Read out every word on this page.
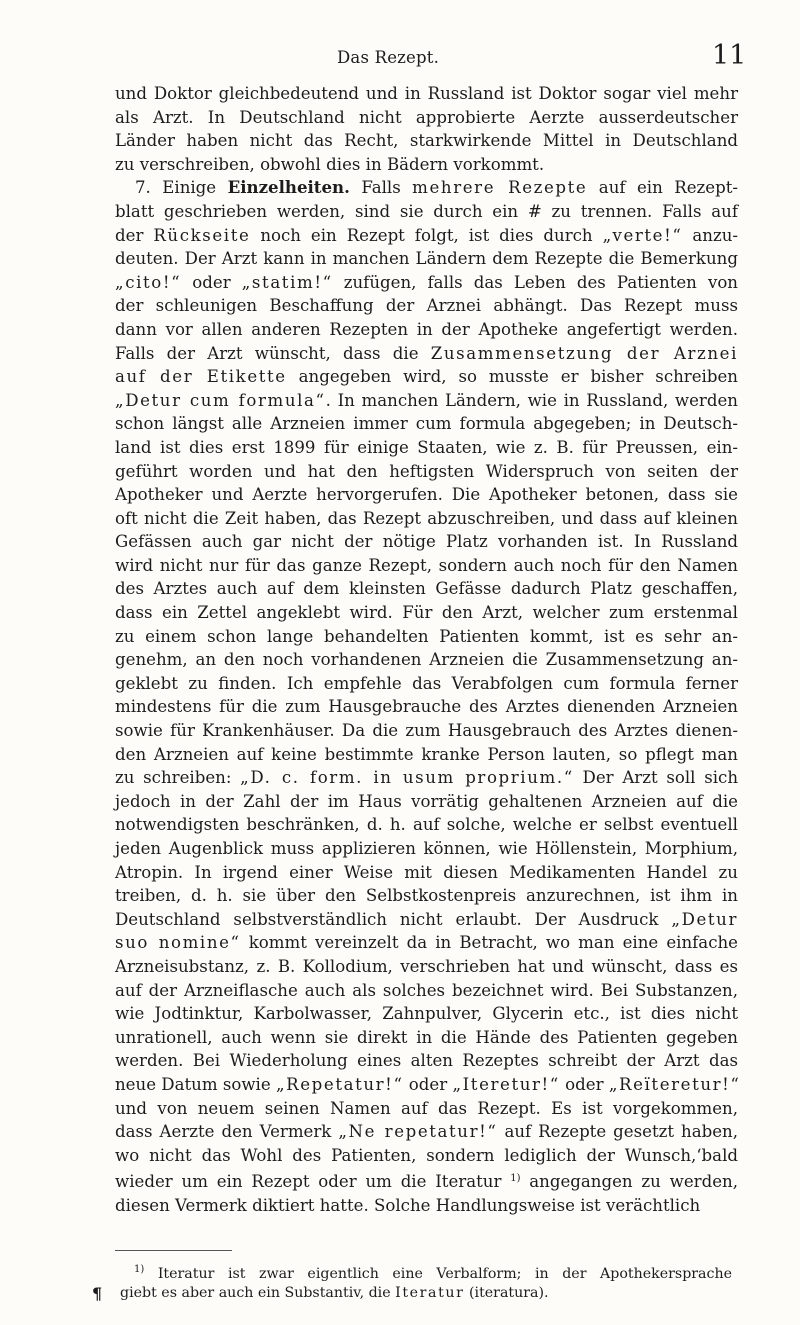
Das Rezept.	11
und Doktor gleichbedeutend und in Russland ist Doktor sogar viel mehr
als Arzt. In Deutschland nicht approbierte Aerzte ausserdeutscher
Länder haben nicht das Recht, starkwirkende Mittel in Deutschland
zu verschreiben, obwohl dies in Bädern vorkommt.
7. Einige Einzelheiten. Falls mehrere Rezepte auf ein Rezept-
blatt geschrieben werden, sind sie durch ein # zu trennen. Falls auf
der Rückseite noch ein Rezept folgt, ist dies durch „verte!“ anzu-
deuten. Der Arzt kann in manchen Ländern dem Rezepte die Bemerkung
„cito!“ oder „statim!“ zufügen, falls das Leben des Patienten von
der schleunigen Beschaffung der Arznei abhängt. Das Rezept muss
dann vor allen anderen Rezepten in der Apotheke angefertigt werden.
Falls der Arzt wünscht, dass die Zusammensetzung der Arznei
auf der Etikette angegeben wird, so musste er bisher schreiben
„Detur cum formula“. In manchen Ländern, wie in Russland, werden
schon längst alle Arzneien immer cum formula abgegeben; in Deutsch-
land ist dies erst 1899 für einige Staaten, wie z. B. für Preussen, ein-
geführt worden und hat den heftigsten Widerspruch von seiten der
Apotheker und Aerzte hervorgerufen. Die Apotheker betonen, dass sie
oft nicht die Zeit haben, das Rezept abzuschreiben, und dass auf kleinen
Gefässen auch gar nicht der nötige Platz vorhanden ist. In Russland
wird nicht nur für das ganze Rezept, sondern auch noch für den Namen
des Arztes auch auf dem kleinsten Gefässe dadurch Platz geschaffen,
dass ein Zettel angeklebt wird. Für den Arzt, welcher zum erstenmal
zu einem schon lange behandelten Patienten kommt, ist es sehr an-
genehm, an den noch vorhandenen Arzneien die Zusammensetzung an-
geklebt zu finden. Ich empfehle das Verabfolgen cum formula ferner
mindestens für die zum Hausgebrauche des Arztes dienenden Arzneien
sowie für Krankenhäuser. Da die zum Hausgebrauch des Arztes dienen-
den Arzneien auf keine bestimmte kranke Person lauten, so pflegt man
zu schreiben: „D. c. form. in usum proprium.“ Der Arzt soll sich
jedoch in der Zahl der im Haus vorrätig gehaltenen Arzneien auf die
notwendigsten beschränken, d. h. auf solche, welche er selbst eventuell
jeden Augenblick muss applizieren können, wie Höllenstein, Morphium,
Atropin. In irgend einer Weise mit diesen Medikamenten Handel zu
treiben, d. h. sie über den Selbstkostenpreis anzurechnen, ist ihm in
Deutschland selbstverständlich nicht erlaubt. Der Ausdruck „Detur
suo nomine“ kommt vereinzelt da in Betracht, wo man eine einfache
Arzneisubstanz, z. B. Kollodium, verschrieben hat und wünscht, dass es
auf der Arzneiflasche auch als solches bezeichnet wird. Bei Substanzen,
wie Jodtinktur, Karbolwasser, Zahnpulver, Glycerin etc., ist dies nicht
unrationell, auch wenn sie direkt in die Hände des Patienten gegeben
werden. Bei Wiederholung eines alten Rezeptes schreibt der Arzt das
neue Datum sowie „Repetatur!“ oder „Iteretur!“ oder „Reïteretur!“
und von neuem seinen Namen auf das Rezept. Es ist vorgekommen,
dass Aerzte den Vermerk „Ne repetatur!“ auf Rezepte gesetzt haben,
wo nicht das Wohl des Patienten, sondern lediglich der Wunsch,‘bald
wieder um ein Rezept oder um die Iteratur $^{1)}$ angegangen zu werden,
diesen Vermerk diktiert hatte. Solche Handlungsweise ist verächtlich
$^{1)}$ Iteratur ist zwar eigentlich eine Verbalform; in der Apothekersprache
giebt es aber auch ein Substantiv, die Iteratur (iteratura).
¶
